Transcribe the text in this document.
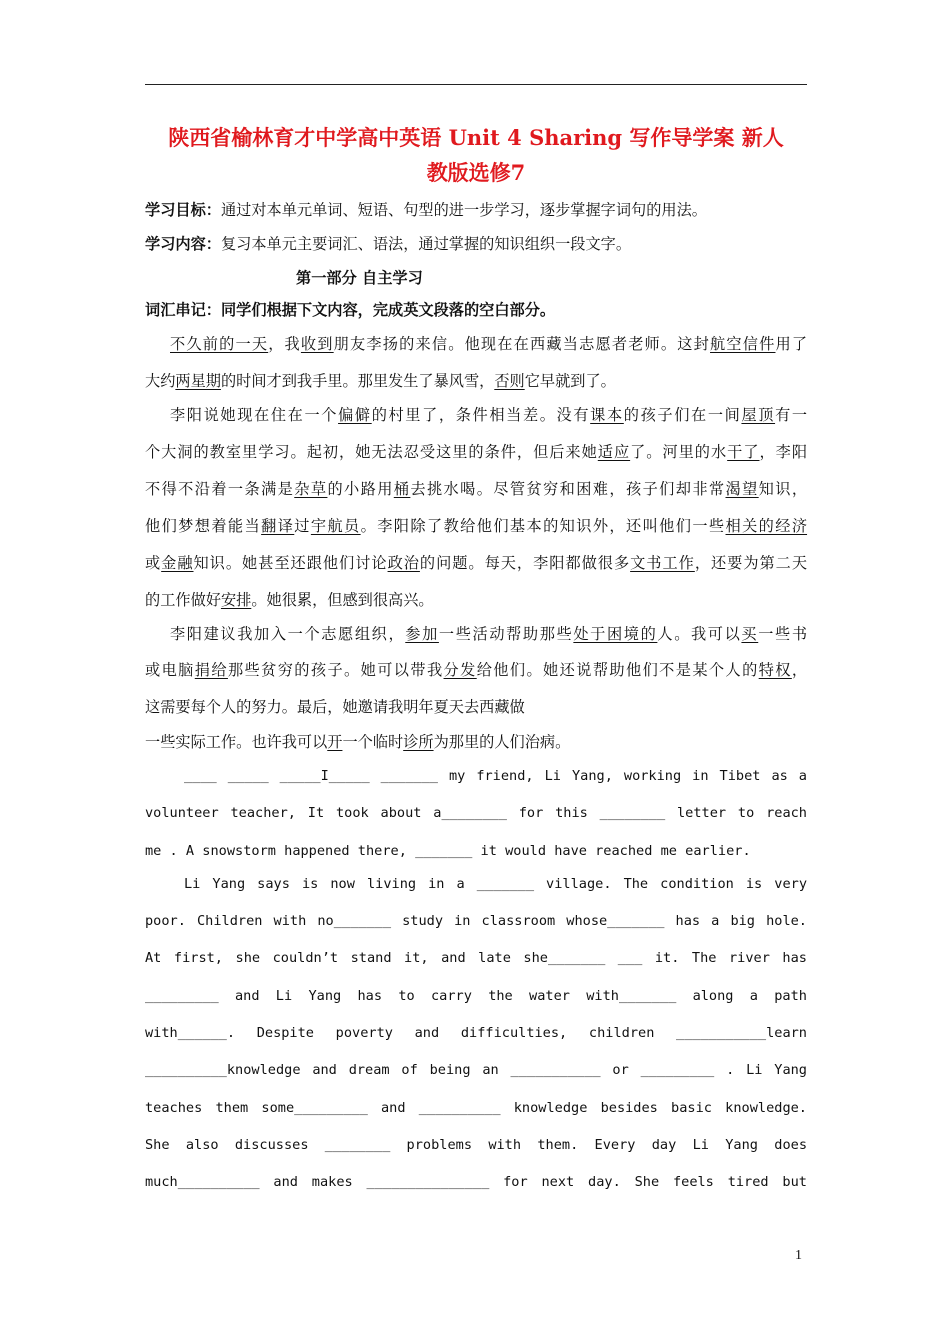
陕西省榆林育才中学高中英语 Unit 4 Sharing 写作导学案 新人
教版选修7
学习目标：通过对本单元单词、短语、句型的进一步学习，逐步掌握字词句的用法。
学习内容：复习本单元主要词汇、语法，通过掌握的知识组织一段文字。
第一部分 自主学习
词汇串记：同学们根据下文内容，完成英文段落的空白部分。
不久前的一天，我收到朋友李扬的来信。他现在在西藏当志愿者老师。这封航空信件用了
大约两星期的时间才到我手里。那里发生了暴风雪，否则它早就到了。
李阳说她现在住在一个偏僻的村里了，条件相当差。没有课本的孩子们在一间屋顶有一
个大洞的教室里学习。起初，她无法忍受这里的条件，但后来她适应了。河里的水干了，李阳
不得不沿着一条满是杂草的小路用桶去挑水喝。尽管贫穷和困难，孩子们却非常渴望知识，
他们梦想着能当翻译过宇航员。李阳除了教给他们基本的知识外，还叫他们一些相关的经济
或金融知识。她甚至还跟他们讨论政治的问题。每天，李阳都做很多文书工作，还要为第二天
的工作做好安排。她很累，但感到很高兴。
李阳建议我加入一个志愿组织，参加一些活动帮助那些处于困境的人。我可以买一些书
或电脑捐给那些贫穷的孩子。她可以带我分发给他们。她还说帮助他们不是某个人的特权，
这需要每个人的努力。最后，她邀请我明年夏天去西藏做
一些实际工作。也许我可以开一个临时诊所为那里的人们治病。
____ _____ _____I_____ _______ my friend, Li Yang, working in Tibet as a
volunteer teacher, It took about a________ for this ________ letter to reach
me . A snowstorm happened there, _______ it would have reached me earlier.
Li Yang says is now living in a _______ village. The condition is very
poor. Children with no_______ study in classroom whose_______ has a big hole.
At first, she couldn’t stand it, and late she_______ ___ it. The river has
_________ and Li Yang has to carry the water with_______ along a path
with______. Despite poverty and difficulties, children ___________learn
__________knowledge and dream of being an ___________ or _________ . Li Yang
teaches them some_________ and __________ knowledge besides basic knowledge.
She also discusses ________ problems with them. Every day Li Yang does
much__________ and makes _______________ for next day. She feels tired but
1
